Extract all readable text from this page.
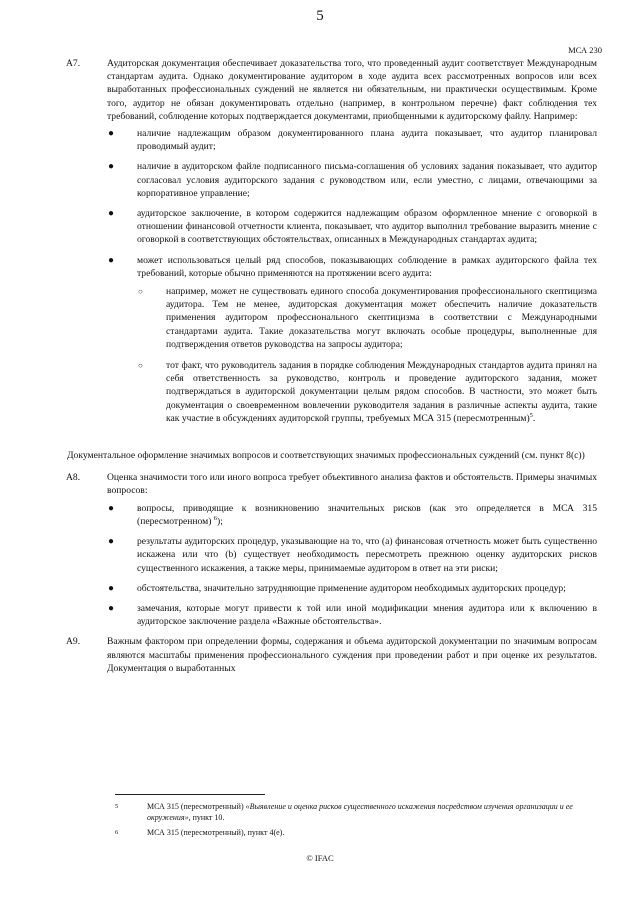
5
МСА 230
А7.	Аудиторская документация обеспечивает доказательства того, что проведенный аудит соответствует Международным стандартам аудита. Однако документирование аудитором в ходе аудита всех рассмотренных вопросов или всех выработанных профессиональных суждений не является ни обязательным, ни практически осуществимым. Кроме того, аудитор не обязан документировать отдельно (например, в контрольном перечне) факт соблюдения тех требований, соблюдение которых подтверждается документами, приобщенными к аудиторскому файлу. Например:
●	наличие надлежащим образом документированного плана аудита показывает, что аудитор планировал проводимый аудит;
●	наличие в аудиторском файле подписанного письма-соглашения об условиях задания показывает, что аудитор согласовал условия аудиторского задания с руководством или, если уместно, с лицами, отвечающими за корпоративное управление;
●	аудиторское заключение, в котором содержится надлежащим образом оформленное мнение с оговоркой в отношении финансовой отчетности клиента, показывает, что аудитор выполнил требование выразить мнение с оговоркой в соответствующих обстоятельствах, описанных в Международных стандартах аудита;
●	может использоваться целый ряд способов, показывающих соблюдение в рамках аудиторского файла тех требований, которые обычно применяются на протяжении всего аудита:
○	например, может не существовать единого способа документирования профессионального скептицизма аудитора. Тем не менее, аудиторская документация может обеспечить наличие доказательств применения аудитором профессионального скептицизма в соответствии с Международными стандартами аудита. Такие доказательства могут включать особые процедуры, выполненные для подтверждения ответов руководства на запросы аудитора;
○	тот факт, что руководитель задания в порядке соблюдения Международных стандартов аудита принял на себя ответственность за руководство, контроль и проведение аудиторского задания, может подтверждаться в аудиторской документации целым рядом способов. В частности, это может быть документация о своевременном вовлечении руководителя задания в различные аспекты аудита, такие как участие в обсуждениях аудиторской группы, требуемых МСА 315 (пересмотренным)$^5$.
Документальное оформление значимых вопросов и соответствующих значимых профессиональных суждений (см. пункт 8(с))
А8.	Оценка значимости того или иного вопроса требует объективного анализа фактов и обстоятельств. Примеры значимых вопросов:
●	вопросы, приводящие к возникновению значительных рисков (как это определяется в МСА 315 (пересмотренном) $^6$);
●	результаты аудиторских процедур, указывающие на то, что (а) финансовая отчетность может быть существенно искажена или что (b) существует необходимость пересмотреть прежнюю оценку аудиторских рисков существенного искажения, а также меры, принимаемые аудитором в ответ на эти риски;
●	обстоятельства, значительно затрудняющие применение аудитором необходимых аудиторских процедур;
●	замечания, которые могут привести к той или иной модификации мнения аудитора или к включению в аудиторское заключение раздела «Важные обстоятельства».
А9.	Важным фактором при определении формы, содержания и объема аудиторской документации по значимым вопросам являются масштабы применения профессионального суждения при проведении работ и при оценке их результатов. Документация о выработанных
5	МСА 315 (пересмотренный) «Выявление и оценка рисков существенного искажения посредством изучения организации и ее окружения», пункт 10.
6	МСА 315 (пересмотренный), пункт 4(е).
© IFAC
